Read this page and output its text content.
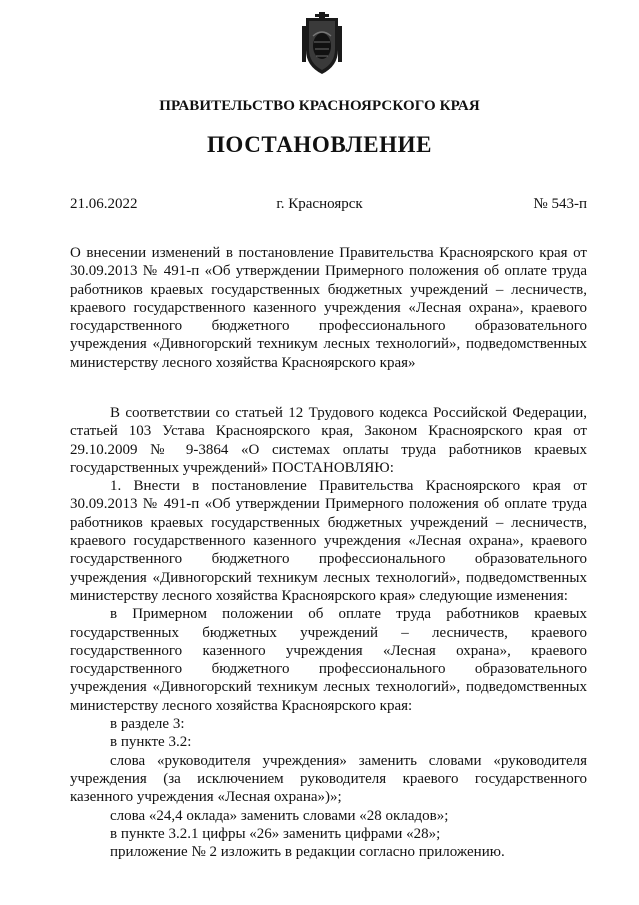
ПРАВИТЕЛЬСТВО КРАСНОЯРСКОГО КРАЯ
ПОСТАНОВЛЕНИЕ
21.06.2022	г. Красноярск	№ 543-п
О внесении изменений в постановление Правительства Красноярского края от 30.09.2013 № 491-п «Об утверждении Примерного положения об оплате труда работников краевых государственных бюджетных учреждений – лесничеств, краевого государственного казенного учреждения «Лесная охрана», краевого государственного бюджетного профессионального образовательного учреждения «Дивногорский техникум лесных технологий», подведомственных министерству лесного хозяйства Красноярского края»

В соответствии со статьей 12 Трудового кодекса Российской Федерации, статьей 103 Устава Красноярского края, Законом Красноярского края от 29.10.2009 № 9-3864 «О системах оплаты труда работников краевых государственных учреждений» ПОСТАНОВЛЯЮ:

1. Внести в постановление Правительства Красноярского края от 30.09.2013 № 491-п «Об утверждении Примерного положения об оплате труда работников краевых государственных бюджетных учреждений – лесничеств, краевого государственного казенного учреждения «Лесная охрана», краевого государственного бюджетного профессионального образовательного учреждения «Дивногорский техникум лесных технологий», подведомственных министерству лесного хозяйства Красноярского края» следующие изменения:

в Примерном положении об оплате труда работников краевых государственных бюджетных учреждений – лесничеств, краевого государственного казенного учреждения «Лесная охрана», краевого государственного бюджетного профессионального образовательного учреждения «Дивногорский техникум лесных технологий», подведомственных министерству лесного хозяйства Красноярского края:

в разделе 3:

в пункте 3.2:

слова «руководителя учреждения» заменить словами «руководителя учреждения (за исключением руководителя краевого государственного казенного учреждения «Лесная охрана»)»;

слова «24,4 оклада» заменить словами «28 окладов»;

в пункте 3.2.1 цифры «26» заменить цифрами «28»;

приложение № 2 изложить в редакции согласно приложению.
